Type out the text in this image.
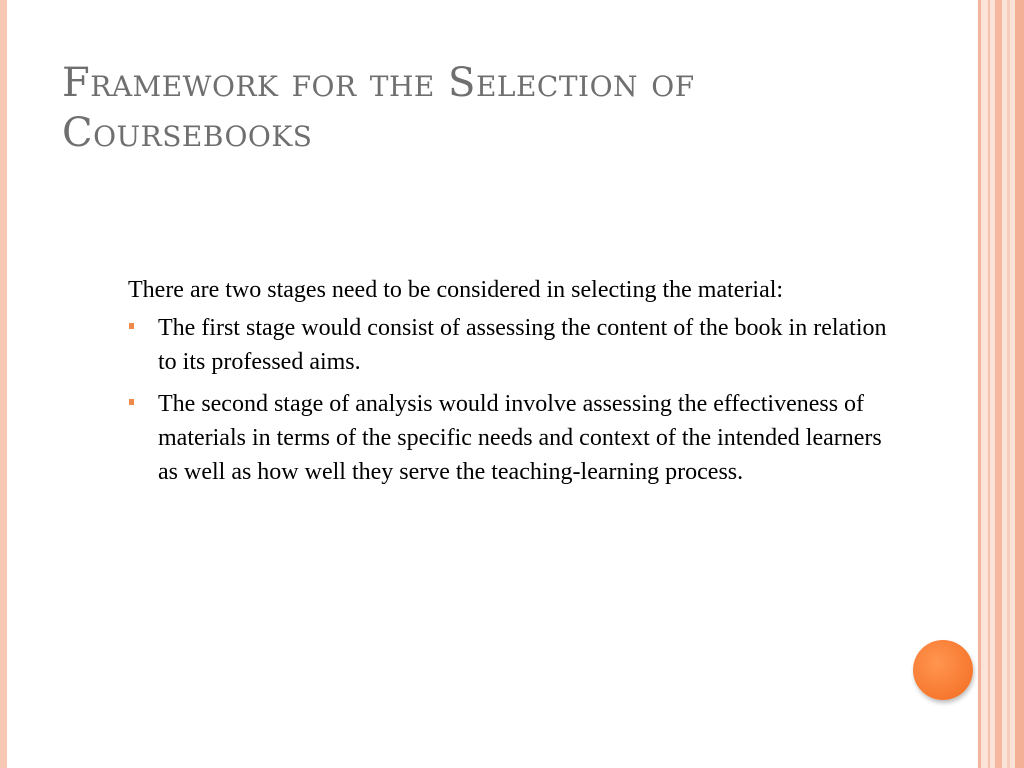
Framework for the Selection of Coursebooks

There are two stages need to be considered in selecting the material:

The first stage would consist of assessing the content of the book in relation to its professed aims.
The second stage of analysis would involve assessing the effectiveness of materials in terms of the specific needs and context of the intended learners as well as how well they serve the teaching-learning process.
